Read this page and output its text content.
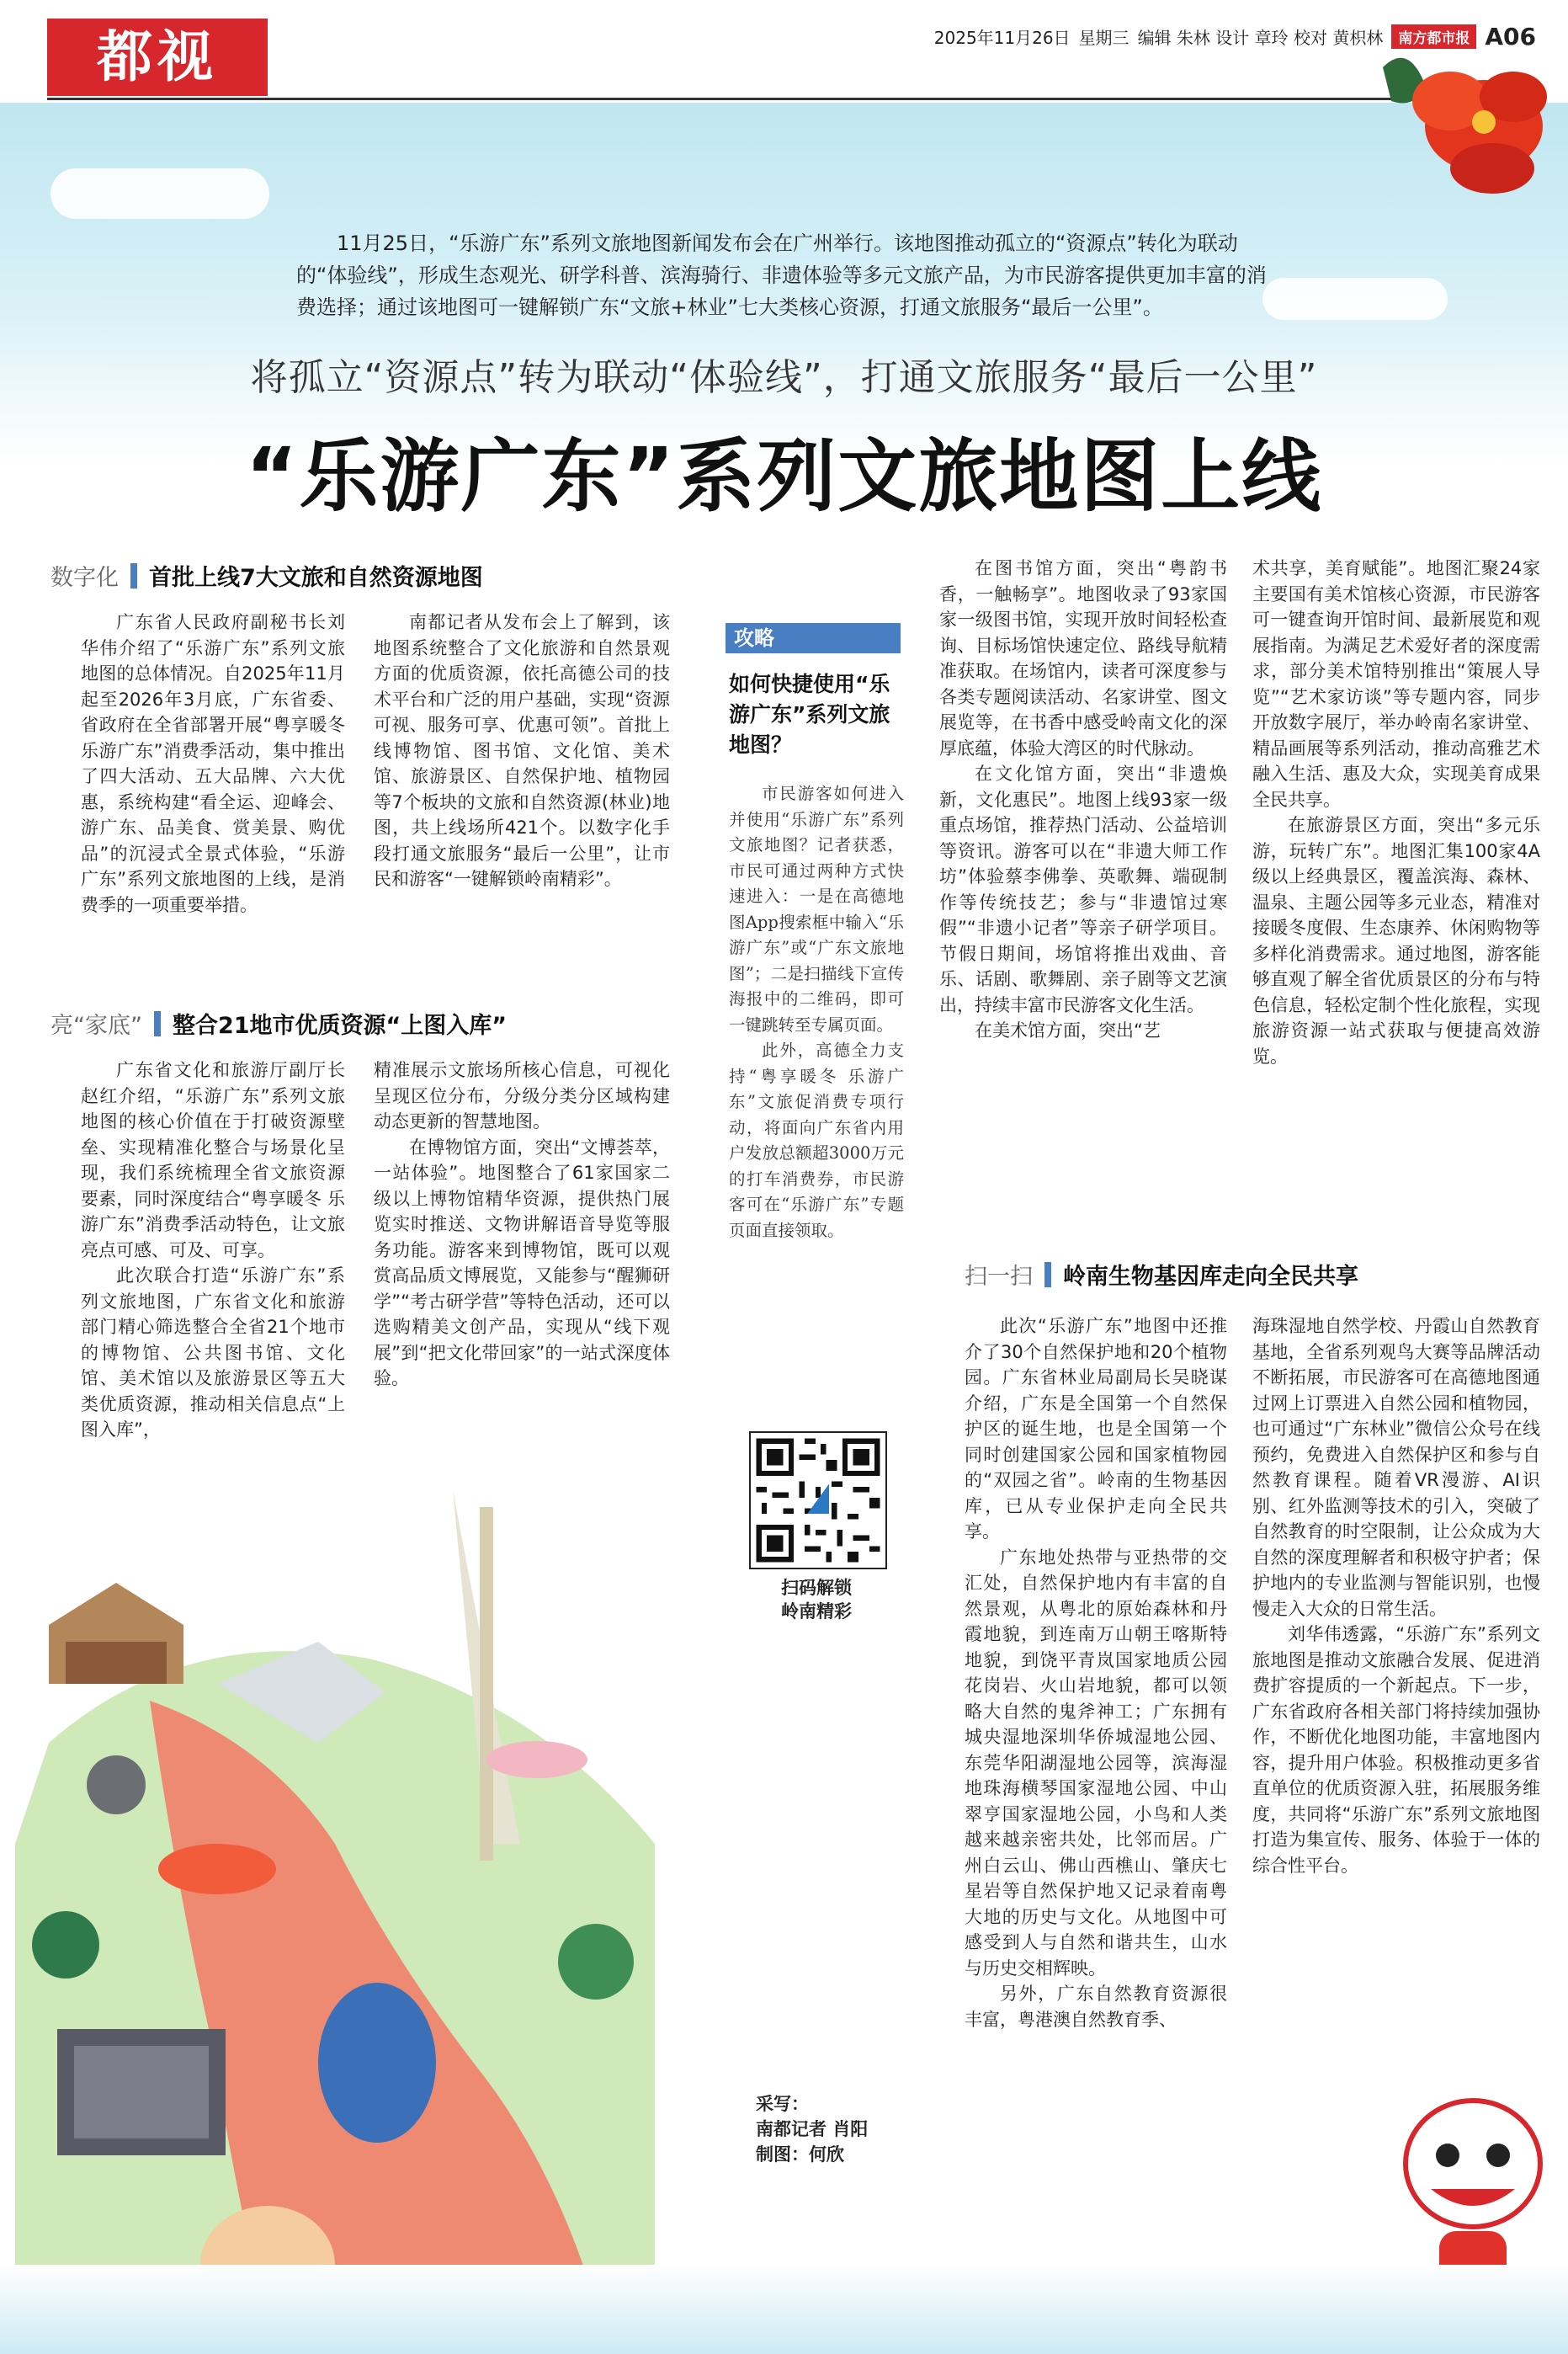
都视	2025年11月26日 星期三 编辑 朱林 设计 章玲 校对 黄枳林	南方都市报 A06
11月25日，“乐游广东”系列文旅地图新闻发布会在广州举行。该地图推动孤立的“资源点”转化为联动的“体验线”，形成生态观光、研学科普、滨海骑行、非遗体验等多元文旅产品，为市民游客提供更加丰富的消费选择；通过该地图可一键解锁广东“文旅+林业”七大类核心资源，打通文旅服务“最后一公里”。
将孤立“资源点”转为联动“体验线”，打通文旅服务“最后一公里”
“乐游广东”系列文旅地图上线
数字化 首批上线7大文旅和自然资源地图

广东省人民政府副秘书长刘华伟介绍了“乐游广东”系列文旅地图的总体情况。自2025年11月起至2026年3月底，广东省委、省政府在全省部署开展“粤享暖冬 乐游广东”消费季活动，集中推出了四大活动、五大品牌、六大优惠，系统构建“看全运、迎峰会、游广东、品美食、赏美景、购优品”的沉浸式全景式体验，“乐游广东”系列文旅地图的上线，是消费季的一项重要举措。

南都记者从发布会上了解到，该地图系统整合了文化旅游和自然景观方面的优质资源，依托高德公司的技术平台和广泛的用户基础，实现“资源可视、服务可享、优惠可领”。首批上线博物馆、图书馆、文化馆、美术馆、旅游景区、自然保护地、植物园等7个板块的文旅和自然资源(林业)地图，共上线场所421个。以数字化手段打通文旅服务“最后一公里”，让市民和游客“一键解锁岭南精彩”。

亮“家底” 整合21地市优质资源“上图入库”

广东省文化和旅游厅副厅长赵红介绍，“乐游广东”系列文旅地图的核心价值在于打破资源壁垒、实现精准化整合与场景化呈现，我们系统梳理全省文旅资源要素，同时深度结合“粤享暖冬 乐游广东”消费季活动特色，让文旅亮点可感、可及、可享。

此次联合打造“乐游广东”系列文旅地图，广东省文化和旅游部门精心筛选整合全省21个地市的博物馆、公共图书馆、文化馆、美术馆以及旅游景区等五大类优质资源，推动相关信息点“上图入库”，

精准展示文旅场所核心信息，可视化呈现区位分布，分级分类分区域构建动态更新的智慧地图。

在博物馆方面，突出“文博荟萃，一站体验”。地图整合了61家国家二级以上博物馆精华资源，提供热门展览实时推送、文物讲解语音导览等服务功能。游客来到博物馆，既可以观赏高品质文博展览，又能参与“醒狮研学”“考古研学营”等特色活动，还可以选购精美文创产品，实现从“线下观展”到“把文化带回家”的一站式深度体验。

攻略
如何快捷使用“乐游广东”系列文旅地图？

市民游客如何进入并使用“乐游广东”系列文旅地图？记者获悉，市民可通过两种方式快速进入：一是在高德地图App搜索框中输入“乐游广东”或“广东文旅地图”；二是扫描线下宣传海报中的二维码，即可一键跳转至专属页面。

此外，高德全力支持“粤享暖冬 乐游广东”文旅促消费专项行动，将面向广东省内用户发放总额超3000万元的打车消费券，市民游客可在“乐游广东”专题页面直接领取。

扫码解锁
岭南精彩

在图书馆方面，突出“粤韵书香，一触畅享”。地图收录了93家国家一级图书馆，实现开放时间轻松查询、目标场馆快速定位、路线导航精准获取。在场馆内，读者可深度参与各类专题阅读活动、名家讲堂、图文展览等，在书香中感受岭南文化的深厚底蕴，体验大湾区的时代脉动。

在文化馆方面，突出“非遗焕新，文化惠民”。地图上线93家一级重点场馆，推荐热门活动、公益培训等资讯。游客可以在“非遗大师工作坊”体验蔡李佛拳、英歌舞、端砚制作等传统技艺；参与“非遗馆过寒假”“非遗小记者”等亲子研学项目。节假日期间，场馆将推出戏曲、音乐、话剧、歌舞剧、亲子剧等文艺演出，持续丰富市民游客文化生活。

在美术馆方面，突出“艺

术共享，美育赋能”。地图汇聚24家主要国有美术馆核心资源，市民游客可一键查询开馆时间、最新展览和观展指南。为满足艺术爱好者的深度需求，部分美术馆特别推出“策展人导览”“艺术家访谈”等专题内容，同步开放数字展厅，举办岭南名家讲堂、精品画展等系列活动，推动高雅艺术融入生活、惠及大众，实现美育成果全民共享。

在旅游景区方面，突出“多元乐游，玩转广东”。地图汇集100家4A级以上经典景区，覆盖滨海、森林、温泉、主题公园等多元业态，精准对接暖冬度假、生态康养、休闲购物等多样化消费需求。通过地图，游客能够直观了解全省优质景区的分布与特色信息，轻松定制个性化旅程，实现旅游资源一站式获取与便捷高效游览。

扫一扫 岭南生物基因库走向全民共享

此次“乐游广东”地图中还推介了30个自然保护地和20个植物园。广东省林业局副局长吴晓谋介绍，广东是全国第一个自然保护区的诞生地，也是全国第一个同时创建国家公园和国家植物园的“双园之省”。岭南的生物基因库，已从专业保护走向全民共享。

广东地处热带与亚热带的交汇处，自然保护地内有丰富的自然景观，从粤北的原始森林和丹霞地貌，到连南万山朝王喀斯特地貌，到饶平青岚国家地质公园花岗岩、火山岩地貌，都可以领略大自然的鬼斧神工；广东拥有城央湿地深圳华侨城湿地公园、东莞华阳湖湿地公园等，滨海湿地珠海横琴国家湿地公园、中山翠亨国家湿地公园，小鸟和人类越来越亲密共处，比邻而居。广州白云山、佛山西樵山、肇庆七星岩等自然保护地又记录着南粤大地的历史与文化。从地图中可感受到人与自然和谐共生，山水与历史交相辉映。

另外，广东自然教育资源很丰富，粤港澳自然教育季、

海珠湿地自然学校、丹霞山自然教育基地，全省系列观鸟大赛等品牌活动不断拓展，市民游客可在高德地图通过网上订票进入自然公园和植物园，也可通过“广东林业”微信公众号在线预约，免费进入自然保护区和参与自然教育课程。随着VR漫游、AI识别、红外监测等技术的引入，突破了自然教育的时空限制，让公众成为大自然的深度理解者和积极守护者；保护地内的专业监测与智能识别，也慢慢走入大众的日常生活。

刘华伟透露，“乐游广东”系列文旅地图是推动文旅融合发展、促进消费扩容提质的一个新起点。下一步，广东省政府各相关部门将持续加强协作，不断优化地图功能，丰富地图内容，提升用户体验。积极推动更多省直单位的优质资源入驻，拓展服务维度，共同将“乐游广东”系列文旅地图打造为集宣传、服务、体验于一体的综合性平台。

采写：
南都记者 肖阳
制图：何欣
